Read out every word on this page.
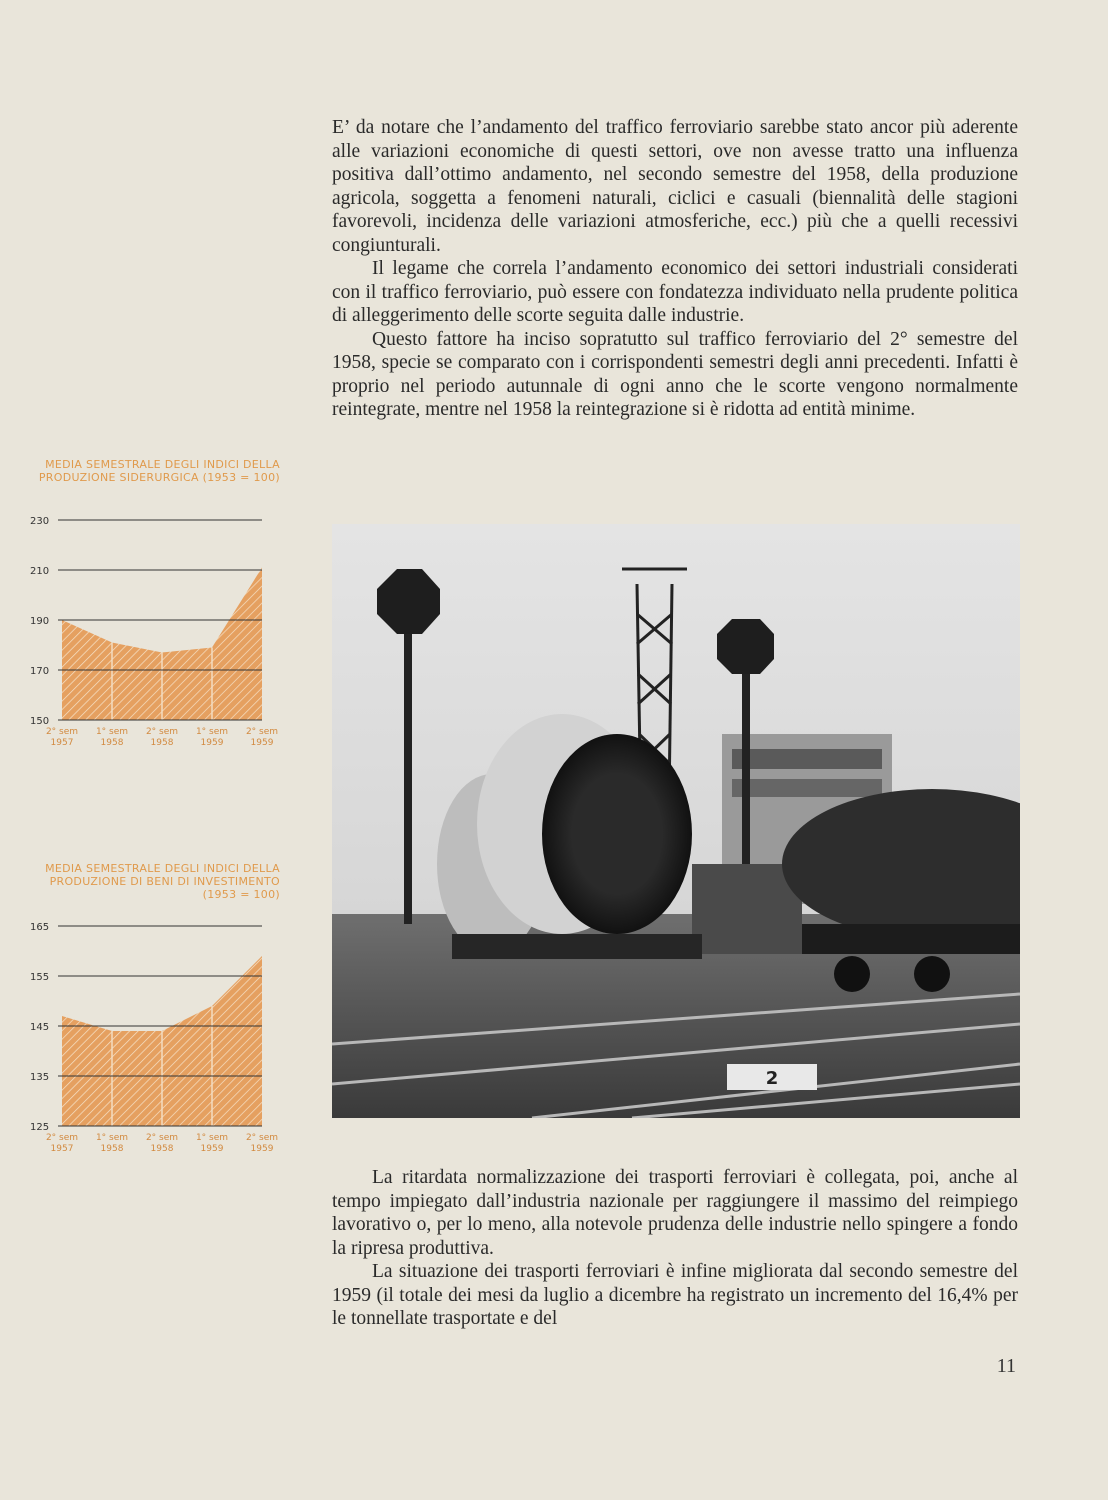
E’ da notare che l’andamento del traffico ferroviario sarebbe stato ancor più aderente alle variazioni economiche di questi settori, ove non avesse tratto una influenza positiva dall’ottimo andamento, nel secondo semestre del 1958, della produzione agricola, soggetta a fenomeni naturali, ciclici e casuali (biennalità delle stagioni favorevoli, incidenza delle variazioni atmosferiche, ecc.) più che a quelli recessivi congiunturali.

Il legame che correla l’andamento economico dei settori industriali considerati con il traffico ferroviario, può essere con fondatezza individuato nella prudente politica di alleggerimento delle scorte seguita dalle industrie.

Questo fattore ha inciso sopratutto sul traffico ferroviario del 2° semestre del 1958, specie se comparato con i corrispondenti semestri degli anni precedenti. Infatti è proprio nel periodo autunnale di ogni anno che le scorte vengono normalmente reintegrate, mentre nel 1958 la reintegrazione si è ridotta ad entità minime.

MEDIA SEMESTRALE DEGLI INDICI DELLA PRODUZIONE SIDERURGICA (1953 = 100)
150
170
190
210
230
2° sem
1957
1° sem
1958
2° sem
1958
1° sem
1959
2° sem
1959
MEDIA SEMESTRALE DEGLI INDICI DELLA PRODUZIONE DI BENI DI INVESTIMENTO (1953 = 100)
125
135
145
155
165
2° sem
1957
1° sem
1958
2° sem
1958
1° sem
1959
2° sem
1959
2

La ritardata normalizzazione dei trasporti ferroviari è collegata, poi, anche al tempo impiegato dall’industria nazionale per raggiungere il massimo del reimpiego lavorativo o, per lo meno, alla notevole prudenza delle industrie nello spingere a fondo la ripresa produttiva.

La situazione dei trasporti ferroviari è infine migliorata dal secondo semestre del 1959 (il totale dei mesi da luglio a dicembre ha registrato un incremento del 16,4% per le tonnellate trasportate e del

11
